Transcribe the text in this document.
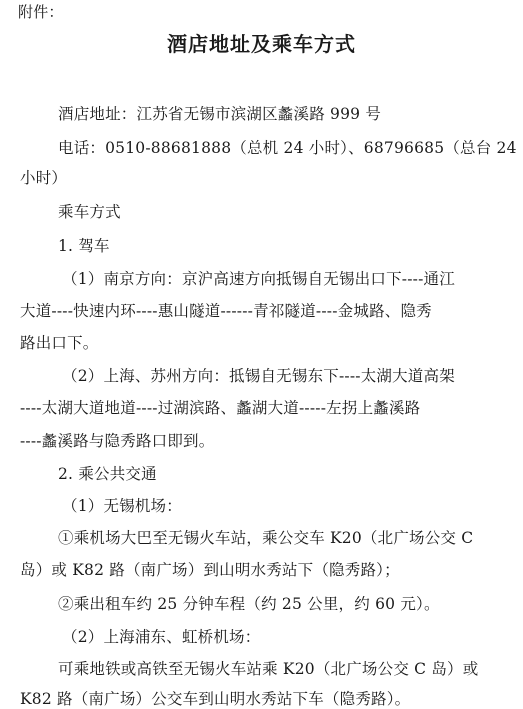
附件：
酒店地址及乘车方式
酒店地址：江苏省无锡市滨湖区蠡溪路 999 号
电话：0510-88681888（总机 24 小时）、68796685（总台 24
小时）
乘车方式
1. 驾车
（1）南京方向：京沪高速方向抵锡自无锡出口下----通江
大道----快速内环----惠山隧道------青祁隧道----金城路、隐秀
路出口下。
（2）上海、苏州方向：抵锡自无锡东下----太湖大道高架
----太湖大道地道----过湖滨路、蠡湖大道-----左拐上蠡溪路
----蠡溪路与隐秀路口即到。
2. 乘公共交通
（1）无锡机场：
①乘机场大巴至无锡火车站，乘公交车 K20（北广场公交 C
岛）或 K82 路（南广场）到山明水秀站下（隐秀路）；
②乘出租车约 25 分钟车程（约 25 公里，约 60 元）。
（2）上海浦东、虹桥机场：
可乘地铁或高铁至无锡火车站乘 K20（北广场公交 C 岛）或
K82 路（南广场）公交车到山明水秀站下车（隐秀路）。
